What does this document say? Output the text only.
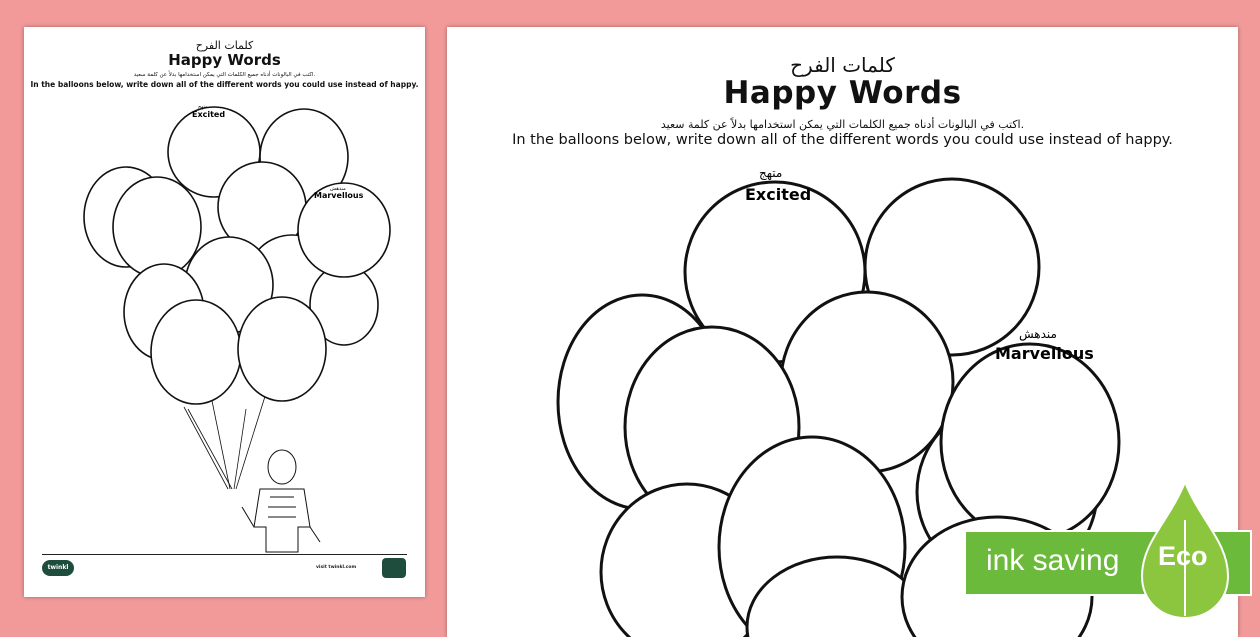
كلمات الفرح
Happy Words
اكتب في البالونات أدناه جميع الكلمات التي يمكن استخدامها بدلاً عن كلمة سعيد.
In the balloons below, write down all of the different words you could use instead of happy.
متهج
Excited
مندهش
Marvellous
twinkl	visit twinkl.com
كلمات الفرح
Happy Words
اكتب في البالونات أدناه جميع الكلمات التي يمكن استخدامها بدلاً عن كلمة سعيد.
In the balloons below, write down all of the different words you could use instead of happy.
متهج
Excited
مندهش
Marvellous
ink saving Eco
